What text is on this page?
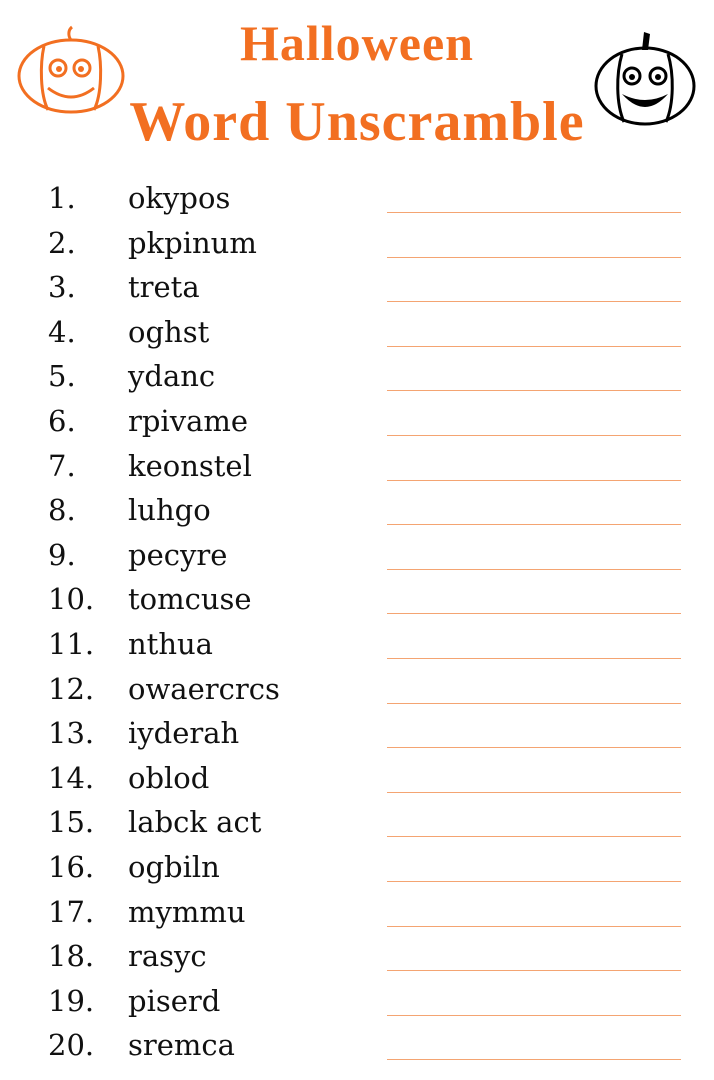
Halloween
Word Unscramble
1. okypos
2. pkpinum
3. treta
4. oghst
5. ydanc
6. rpivame
7. keonstel
8. luhgo
9. pecyre
10. tomcuse
11. nthua
12. owaercrcs
13. iyderah
14. oblod
15. labck act
16. ogbiln
17. mymmu
18. rasyc
19. piserd
20. sremca
